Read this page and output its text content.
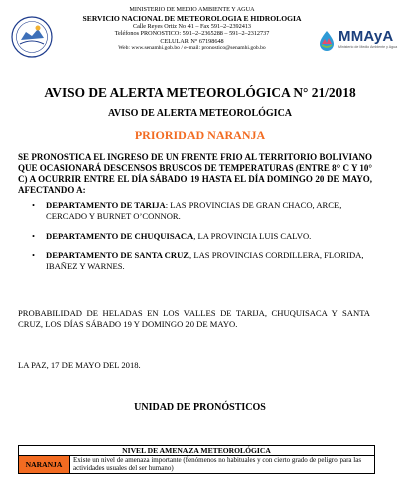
MINISTERIO DE MEDIO AMBIENTE Y AGUA
SERVICIO NACIONAL DE METEOROLOGIA E HIDROLOGIA
Calle Reyes Ortiz No 41 – Fax 591–2–2392413
Teléfonos PRONOSTICO: 591–2–2365288 – 591–2–2312737
CELULAR N° 67198648
Web: www.senamhi.gob.bo / e-mail: pronostico@senamhi.gob.bo
MMAyA
Ministerio de Medio Ambiente y Agua
AVISO DE ALERTA METEOROLÓGICA N° 21/2018
AVISO DE ALERTA METEOROLÓGICA
PRIORIDAD NARANJA
SE PRONOSTICA EL INGRESO DE UN FRENTE FRIO AL TERRITORIO BOLIVIANO QUE OCASIONARÁ DESCENSOS BRUSCOS DE TEMPERATURAS (ENTRE 8° C Y 10° C) A OCURRIR ENTRE EL DÍA SÁBADO 19 HASTA EL DÍA DOMINGO 20 DE MAYO, AFECTANDO A:
• DEPARTAMENTO DE TARIJA: LAS PROVINCIAS DE GRAN CHACO, ARCE, CERCADO Y BURNET O’CONNOR.
• DEPARTAMENTO DE CHUQUISACA, LA PROVINCIA LUIS CALVO.
• DEPARTAMENTO DE SANTA CRUZ, LAS PROVINCIAS CORDILLERA, FLORIDA, IBAÑEZ Y WARNES.
PROBABILIDAD DE HELADAS EN LOS VALLES DE TARIJA, CHUQUISACA Y SANTA CRUZ, LOS DÍAS SÁBADO 19 Y DOMINGO 20 DE MAYO.
LA PAZ, 17 DE MAYO DEL 2018.
UNIDAD DE PRONÓSTICOS
NIVEL DE AMENAZA METEOROLÓGICA
NARANJA	Existe un nivel de amenaza importante (fenómenos no habituales y con cierto grado de peligro para las actividades usuales del ser humano)
